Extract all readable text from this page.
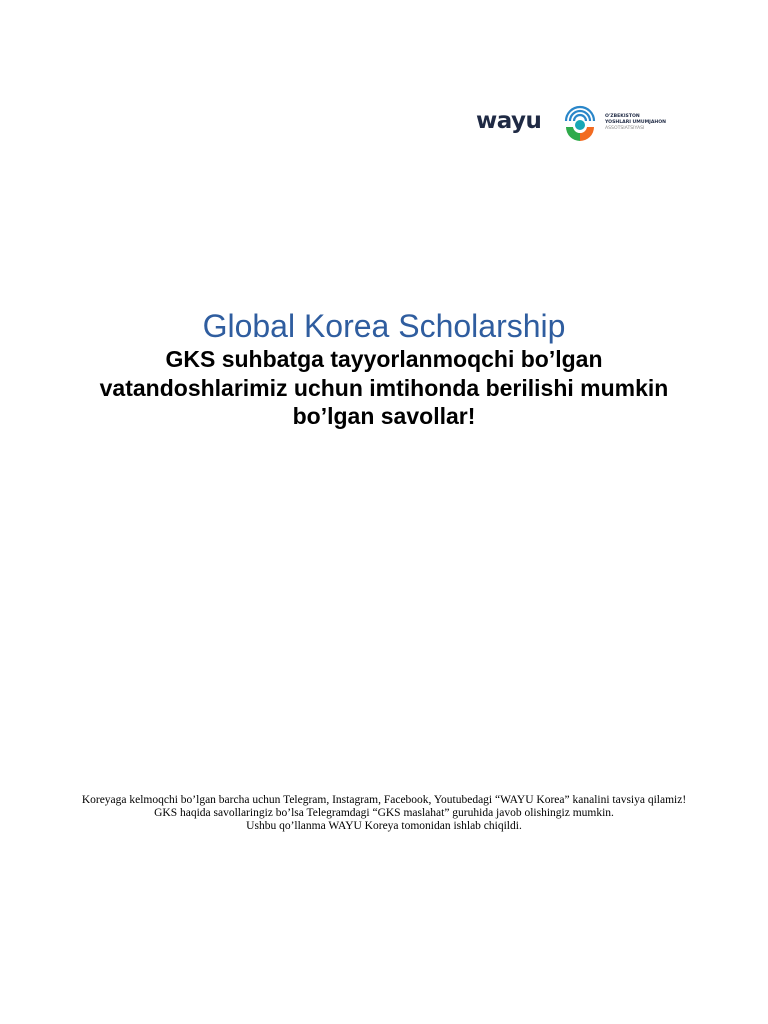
wayu	O'ZBEKISTON
YOSHLARI UMUMJAHON
ASSOTSIATSIYASI
Global Korea Scholarship

GKS suhbatga tayyorlanmoqchi bo’lgan vatandoshlarimiz uchun imtihonda berilishi mumkin bo’lgan savollar!

Koreyaga kelmoqchi bo’lgan barcha uchun Telegram, Instagram, Facebook, Youtubedagi “WAYU Korea” kanalini tavsiya qilamiz!
GKS haqida savollaringiz bo’lsa Telegramdagi “GKS maslahat” guruhida javob olishingiz mumkin.
Ushbu qo’llanma WAYU Koreya tomonidan ishlab chiqildi.
